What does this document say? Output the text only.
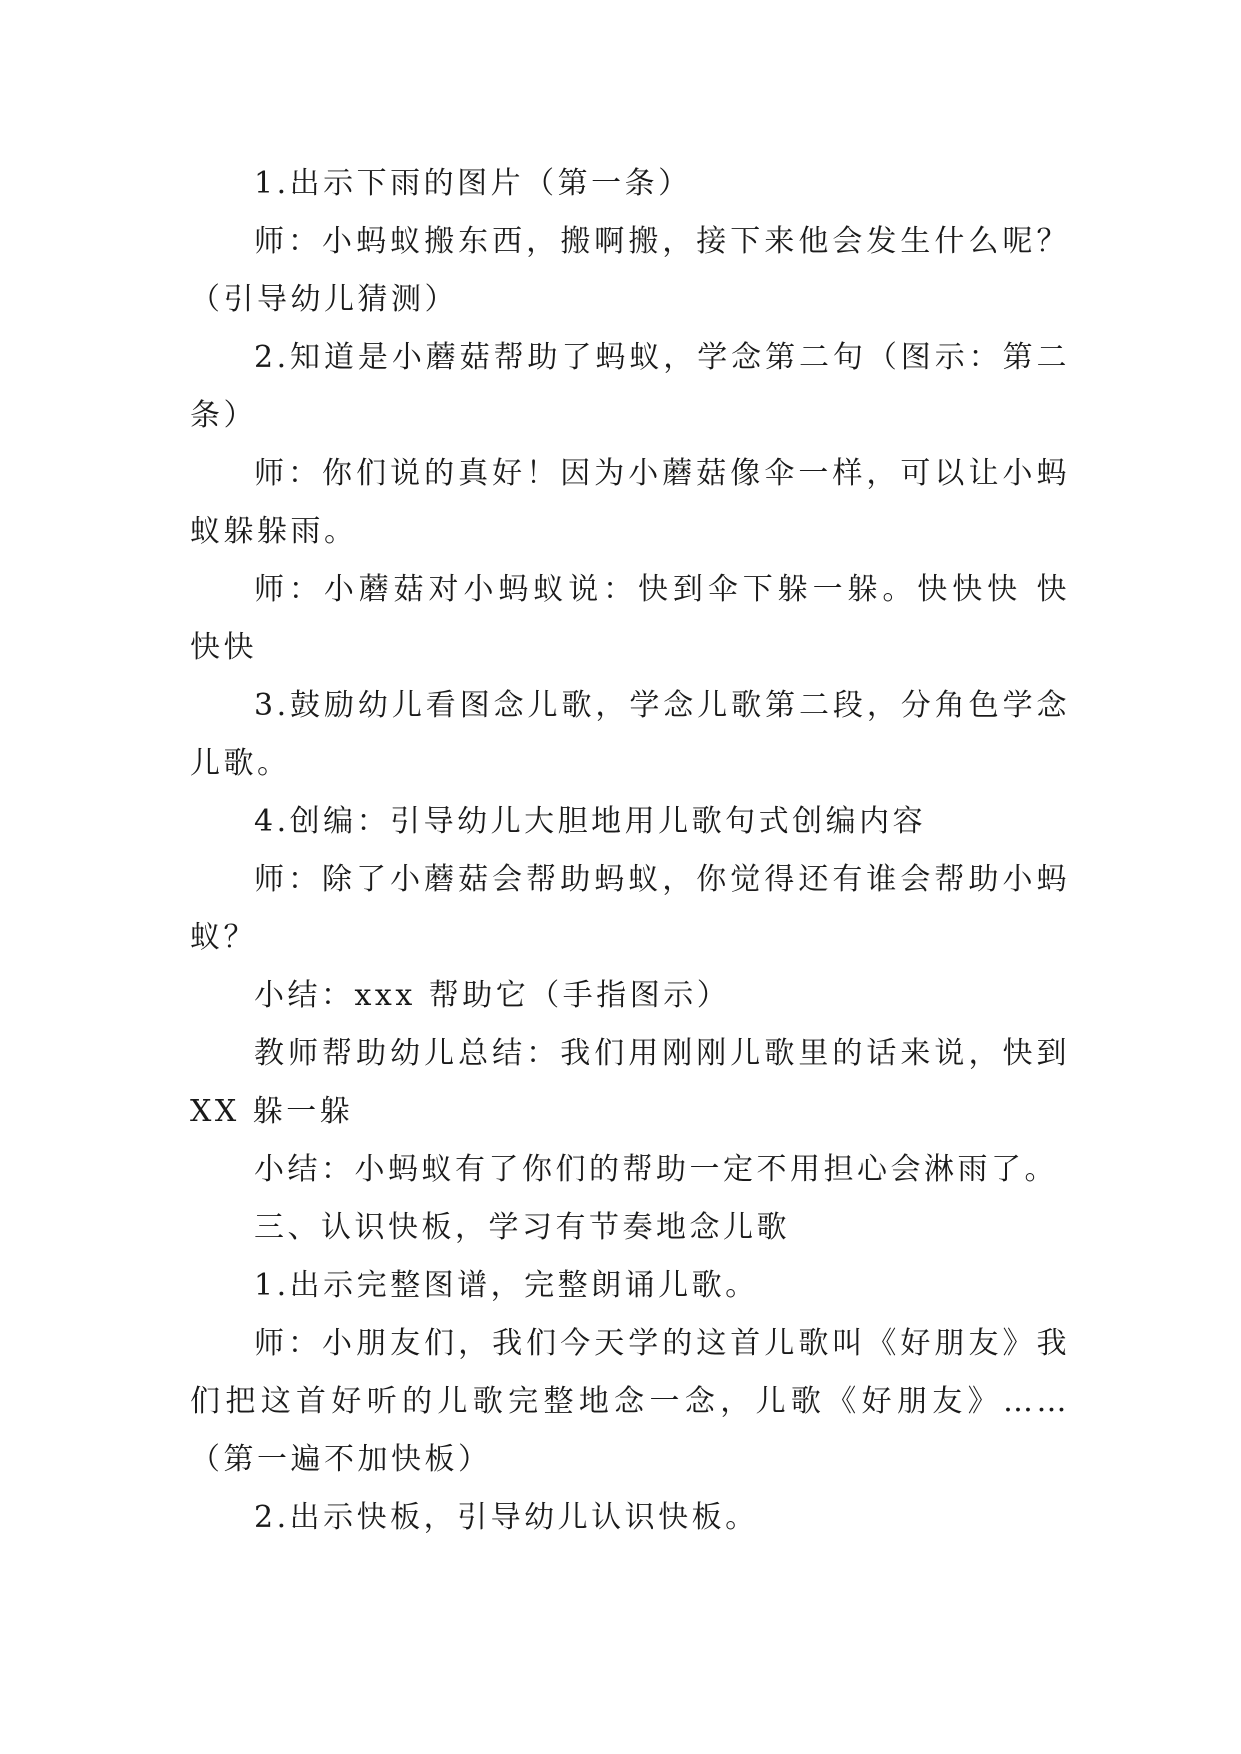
1.出示下雨的图片（第一条）

师：小蚂蚁搬东西，搬啊搬，接下来他会发生什么呢？（引导幼儿猜测）

2.知道是小蘑菇帮助了蚂蚁，学念第二句（图示：第二条）

师：你们说的真好！因为小蘑菇像伞一样，可以让小蚂蚁躲躲雨。

师：小蘑菇对小蚂蚁说：快到伞下躲一躲。快快快 快快快

3.鼓励幼儿看图念儿歌，学念儿歌第二段，分角色学念儿歌。

4.创编：引导幼儿大胆地用儿歌句式创编内容

师：除了小蘑菇会帮助蚂蚁，你觉得还有谁会帮助小蚂蚁？

小结：xxx 帮助它（手指图示）

教师帮助幼儿总结：我们用刚刚儿歌里的话来说，快到XX 躲一躲

小结：小蚂蚁有了你们的帮助一定不用担心会淋雨了。

三、认识快板，学习有节奏地念儿歌

1.出示完整图谱，完整朗诵儿歌。

师：小朋友们，我们今天学的这首儿歌叫《好朋友》我们把这首好听的儿歌完整地念一念，儿歌《好朋友》……（第一遍不加快板）

2.出示快板，引导幼儿认识快板。
